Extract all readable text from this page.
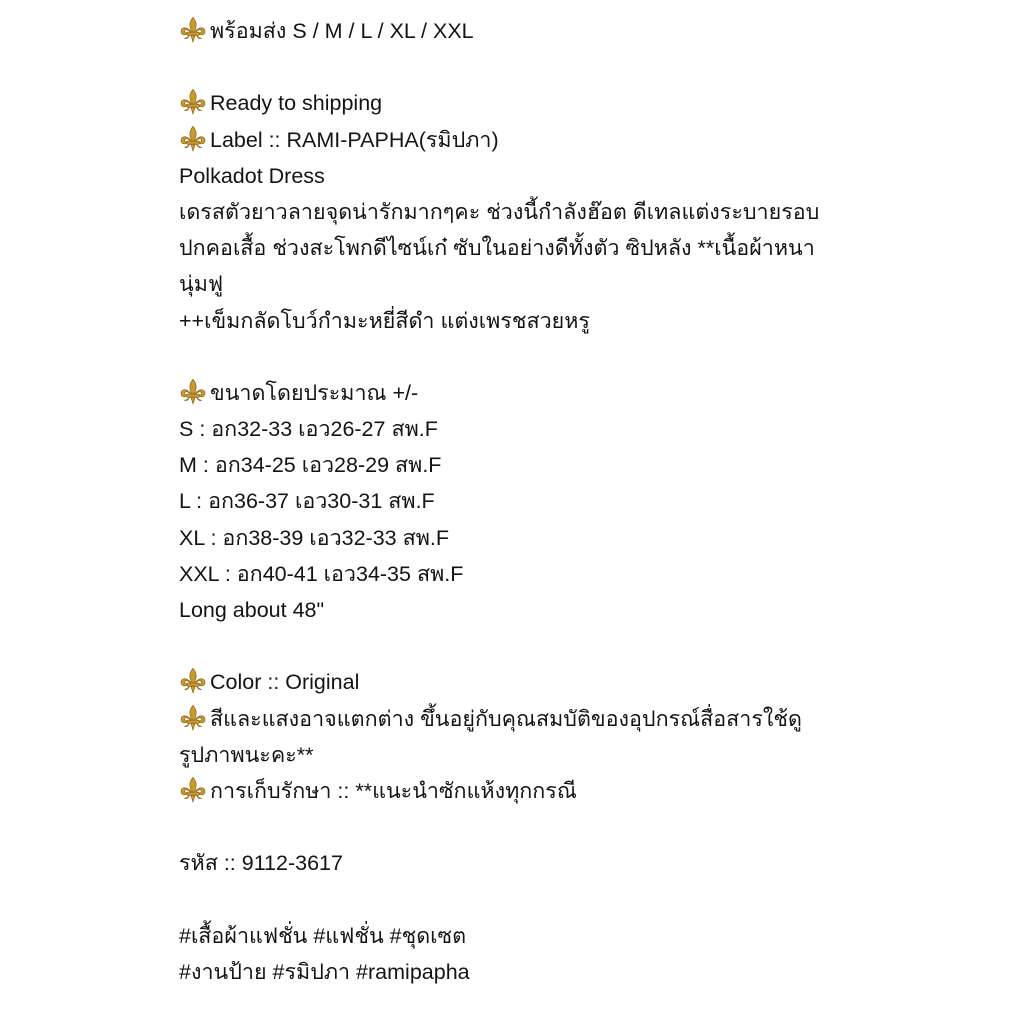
พร้อมส่ง S / M / L / XL / XXL
Ready to shipping
Label :: RAMI-PAPHA(รมิปภา)
Polkadot Dress
เดรสตัวยาวลายจุดน่ารักมากๆคะ ช่วงนี้กำลังฮ๊อต ดีเทลแต่งระบายรอบ
ปกคอเสื้อ ช่วงสะโพกดีไซน์เก๋ ซับในอย่างดีทั้งตัว ซิปหลัง **เนื้อผ้าหนา
นุ่มฟู
++เข็มกลัดโบว์กำมะหยี่สีดำ แต่งเพรชสวยหรู
ขนาดโดยประมาณ +/-
S : อก32-33 เอว26-27 สพ.F
M : อก34-25 เอว28-29 สพ.F
L : อก36-37 เอว30-31 สพ.F
XL : อก38-39 เอว32-33 สพ.F
XXL : อก40-41 เอว34-35 สพ.F
Long about 48"
Color :: Original
สีและแสงอาจแตกต่าง ขึ้นอยู่กับคุณสมบัติของอุปกรณ์สื่อสารใช้ดู
รูปภาพนะคะ**
การเก็บรักษา :: **แนะนำซักแห้งทุกกรณี
รหัส :: 9112-3617
#เสื้อผ้าแฟชั่น #แฟชั่น #ชุดเซต
#งานป้าย #รมิปภา #ramipapha
